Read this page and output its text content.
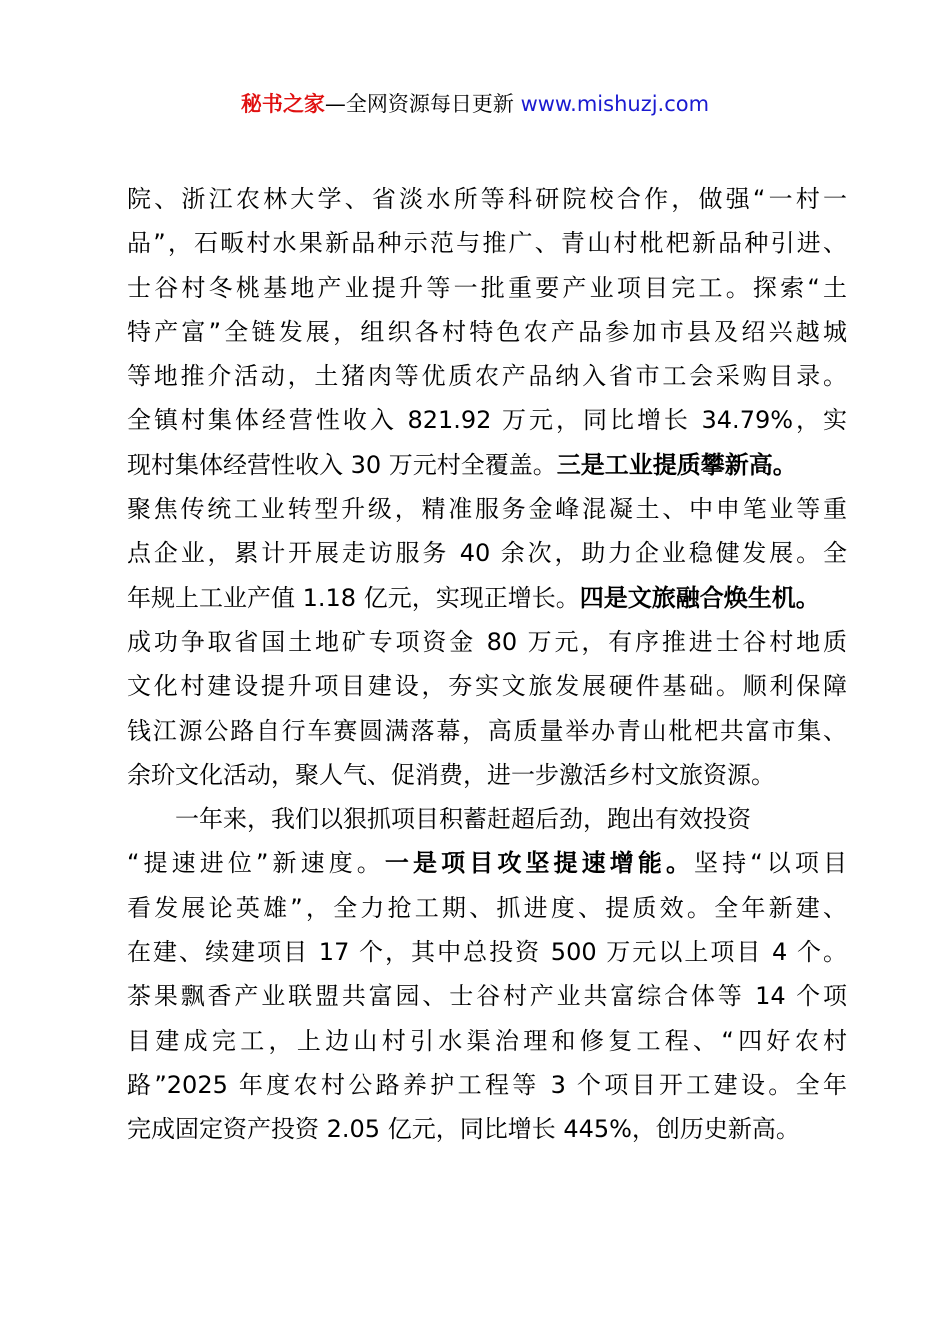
秘书之家—全网资源每日更新 www.mishuzj.com
院、浙江农林大学、省淡水所等科研院校合作，做强“一村一
品”，石畈村水果新品种示范与推广、青山村枇杷新品种引进、
士谷村冬桃基地产业提升等一批重要产业项目完工。探索“土
特产富”全链发展，组织各村特色农产品参加市县及绍兴越城
等地推介活动，土猪肉等优质农产品纳入省市工会采购目录。
全镇村集体经营性收入 821.92 万元，同比增长 34.79%，实
现村集体经营性收入 30 万元村全覆盖。三是工业提质攀新高。
聚焦传统工业转型升级，精准服务金峰混凝土、中申笔业等重
点企业，累计开展走访服务 40 余次，助力企业稳健发展。全
年规上工业产值 1.18 亿元，实现正增长。四是文旅融合焕生机。
成功争取省国土地矿专项资金 80 万元，有序推进士谷村地质
文化村建设提升项目建设，夯实文旅发展硬件基础。顺利保障
钱江源公路自行车赛圆满落幕，高质量举办青山枇杷共富市集、
余玠文化活动，聚人气、促消费，进一步激活乡村文旅资源。
一年来，我们以狠抓项目积蓄赶超后劲，跑出有效投资
“提速进位”新速度。一是项目攻坚提速增能。坚持“以项目
看发展论英雄”，全力抢工期、抓进度、提质效。全年新建、
在建、续建项目 17 个，其中总投资 500 万元以上项目 4 个。
茶果飘香产业联盟共富园、士谷村产业共富综合体等 14 个项
目建成完工，上边山村引水渠治理和修复工程、“四好农村
路”2025 年度农村公路养护工程等 3 个项目开工建设。全年
完成固定资产投资 2.05 亿元，同比增长 445%，创历史新高。
